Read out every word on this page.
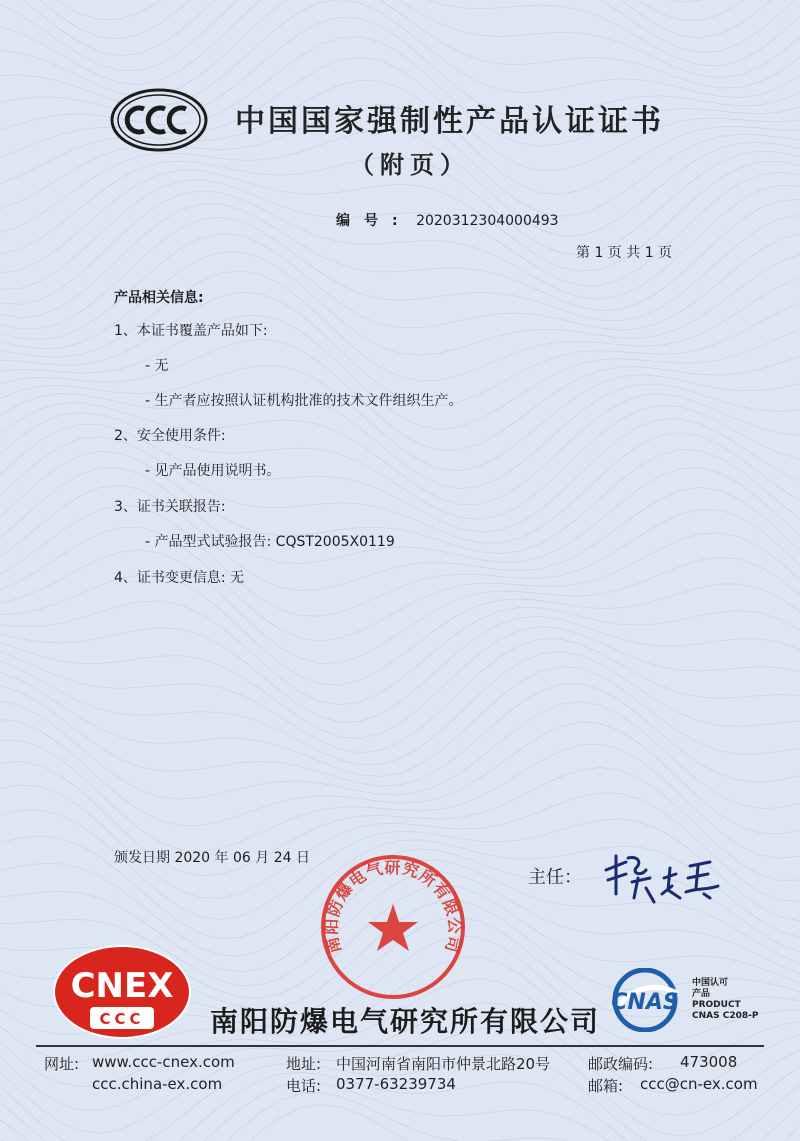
中国国家强制性产品认证证书
（附页）
编号: 2020312304000493
第 1 页 共 1 页
产品相关信息:
1、本证书覆盖产品如下:
- 无
- 生产者应按照认证机构批准的技术文件组织生产。
2、安全使用条件:
- 见产品使用说明书。
3、证书关联报告:
- 产品型式试验报告: CQST2005X0119
4、证书变更信息: 无
颁发日期 2020 年 06 月 24 日
主任：
南阳防爆电气研究所有限公司
CNEX
CCC 南阳防爆电气研究所有限公司
CNAS
中国认可
产品
PRODUCT
CNAS C208-P
网址: www.ccc-cnex.com
ccc.china-ex.com
地址: 中国河南省南阳市仲景北路20号
电话: 0377-63239734
邮政编码: 473008
邮箱: ccc@cn-ex.com
